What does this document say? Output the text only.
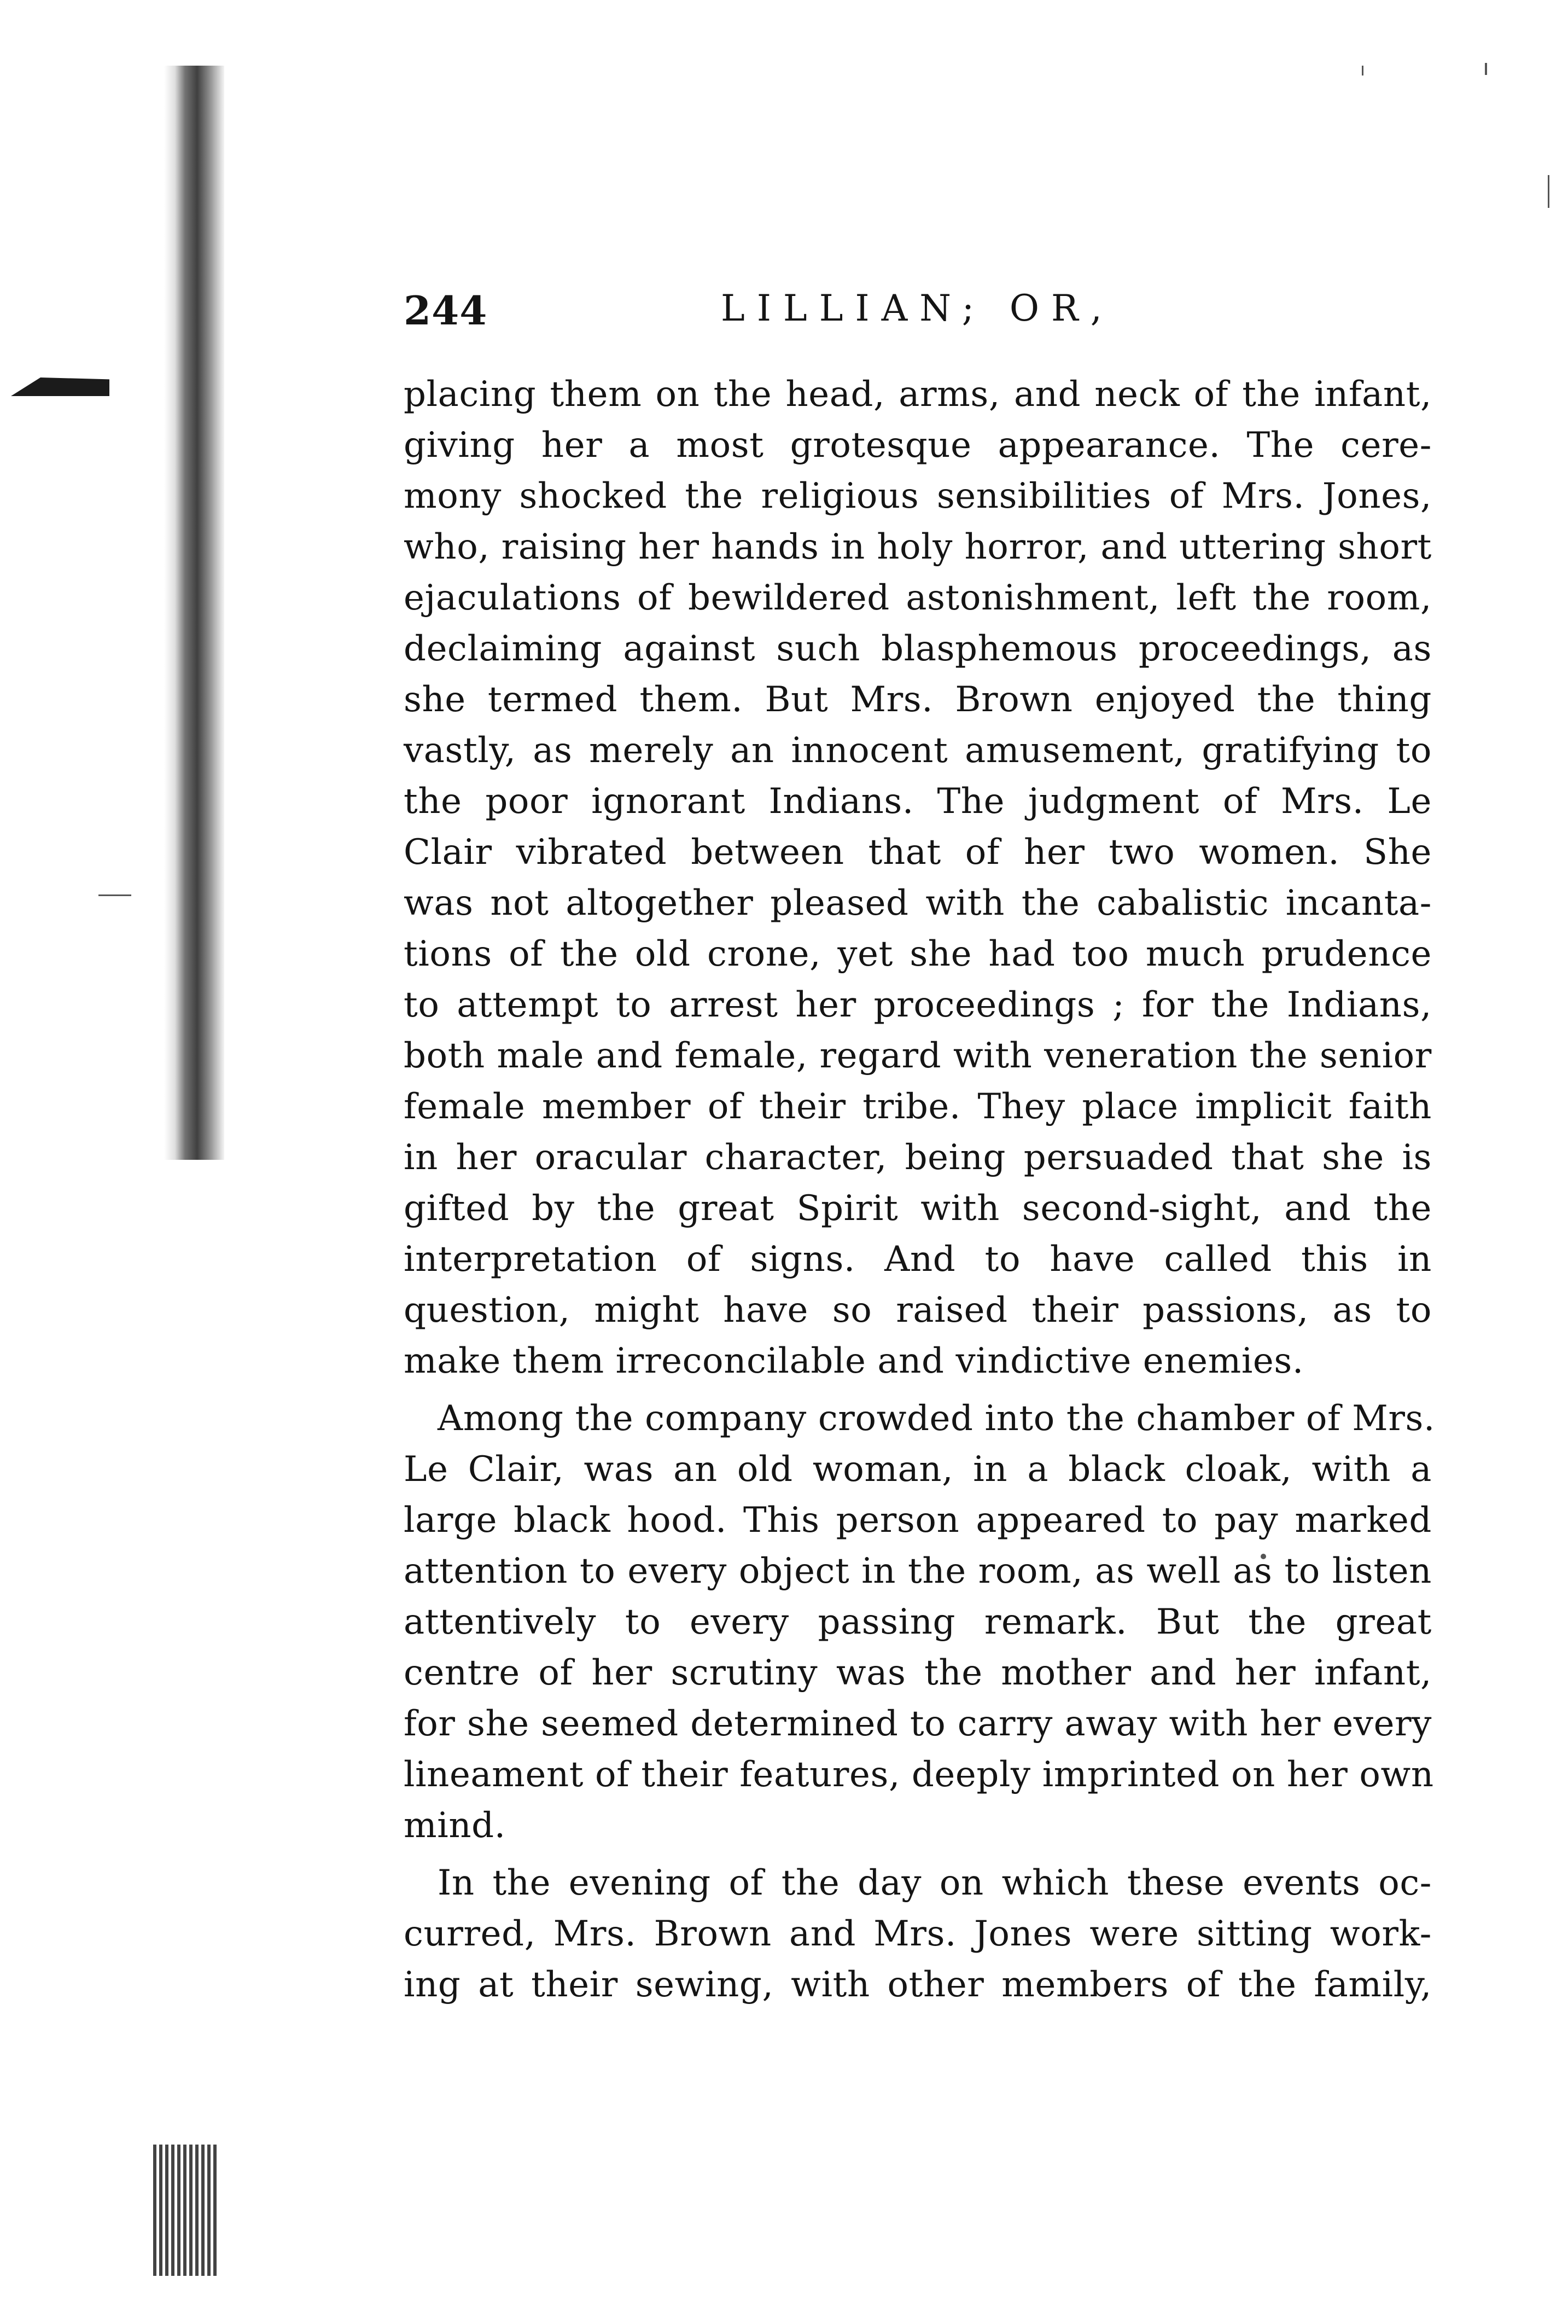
244	LILLIAN; OR,
placing them on the head, arms, and neck of the infant,
giving her a most grotesque appearance. The cere-
mony shocked the religious sensibilities of Mrs. Jones,
who, raising her hands in holy horror, and uttering short
ejaculations of bewildered astonishment, left the room,
declaiming against such blasphemous proceedings, as
she termed them. But Mrs. Brown enjoyed the thing
vastly, as merely an innocent amusement, gratifying to
the poor ignorant Indians. The judgment of Mrs. Le
Clair vibrated between that of her two women. She
was not altogether pleased with the cabalistic incanta-
tions of the old crone, yet she had too much prudence
to attempt to arrest her proceedings ; for the Indians,
both male and female, regard with veneration the senior
female member of their tribe. They place implicit faith
in her oracular character, being persuaded that she is
gifted by the great Spirit with second-sight, and the
interpretation of signs. And to have called this in
question, might have so raised their passions, as to
make them irreconcilable and vindictive enemies.
Among the company crowded into the chamber of Mrs.
Le Clair, was an old woman, in a black cloak, with a
large black hood. This person appeared to pay marked
attention to every object in the room, as well as to listen
attentively to every passing remark. But the great
centre of her scrutiny was the mother and her infant,
for she seemed determined to carry away with her every
lineament of their features, deeply imprinted on her own
mind.
In the evening of the day on which these events oc-
curred, Mrs. Brown and Mrs. Jones were sitting work-
ing at their sewing, with other members of the family,
